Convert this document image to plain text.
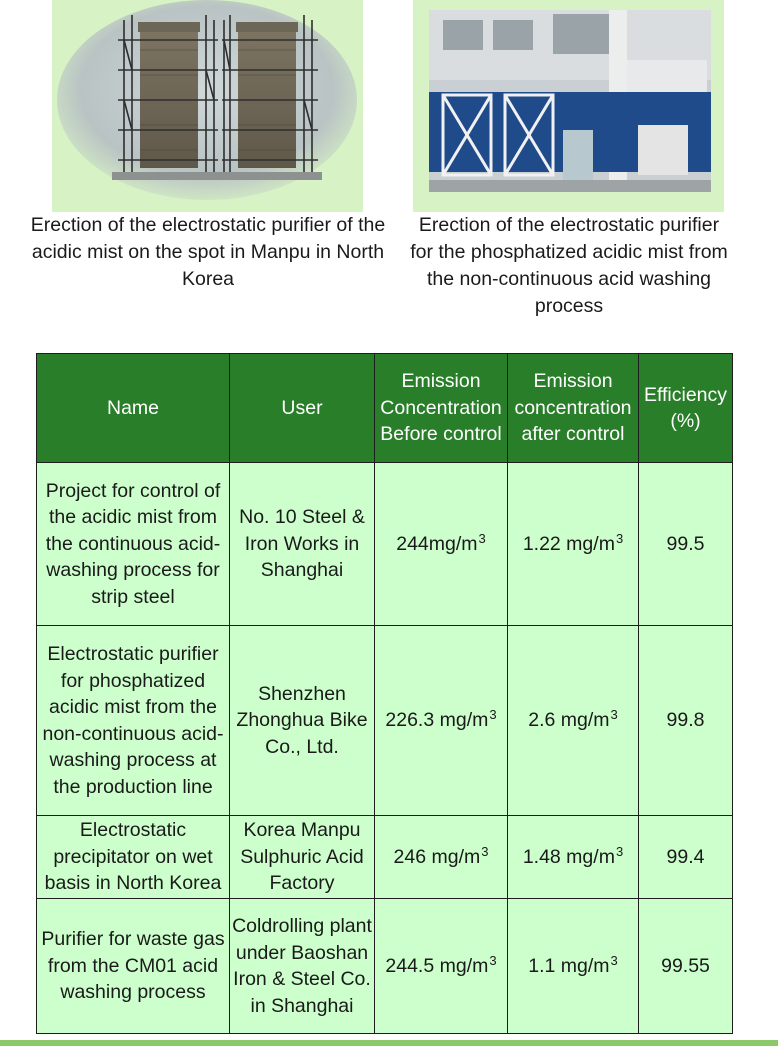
Erection of the electrostatic purifier of the acidic mist on the spot in Manpu in North Korea
Erection of the electrostatic purifier for the phosphatized acidic mist from the non-continuous acid washing process
Name	User	Emission Concentration Before control	Emission concentration after control	Efficiency (%)
Project for control of the acidic mist from the continuous acid-washing process for strip steel	No. 10 Steel & Iron Works in Shanghai	$244mg/m^3$	1.22 $mg/m^3$	99.5
Electrostatic purifier for phosphatized acidic mist from the non-continuous acid-washing process at the production line	Shenzhen Zhonghua Bike Co., Ltd.	226.3 $mg/m^3$	2.6 $mg/m^3$	99.8
Electrostatic precipitator on wet basis in North Korea	Korea Manpu Sulphuric Acid Factory	246 $mg/m^3$	1.48 $mg/m^3$	99.4
Purifier for waste gas from the CM01 acid washing process	Coldrolling plant under Baoshan Iron & Steel Co. in Shanghai	244.5 $mg/m^3$	1.1 $mg/m^3$	99.55
